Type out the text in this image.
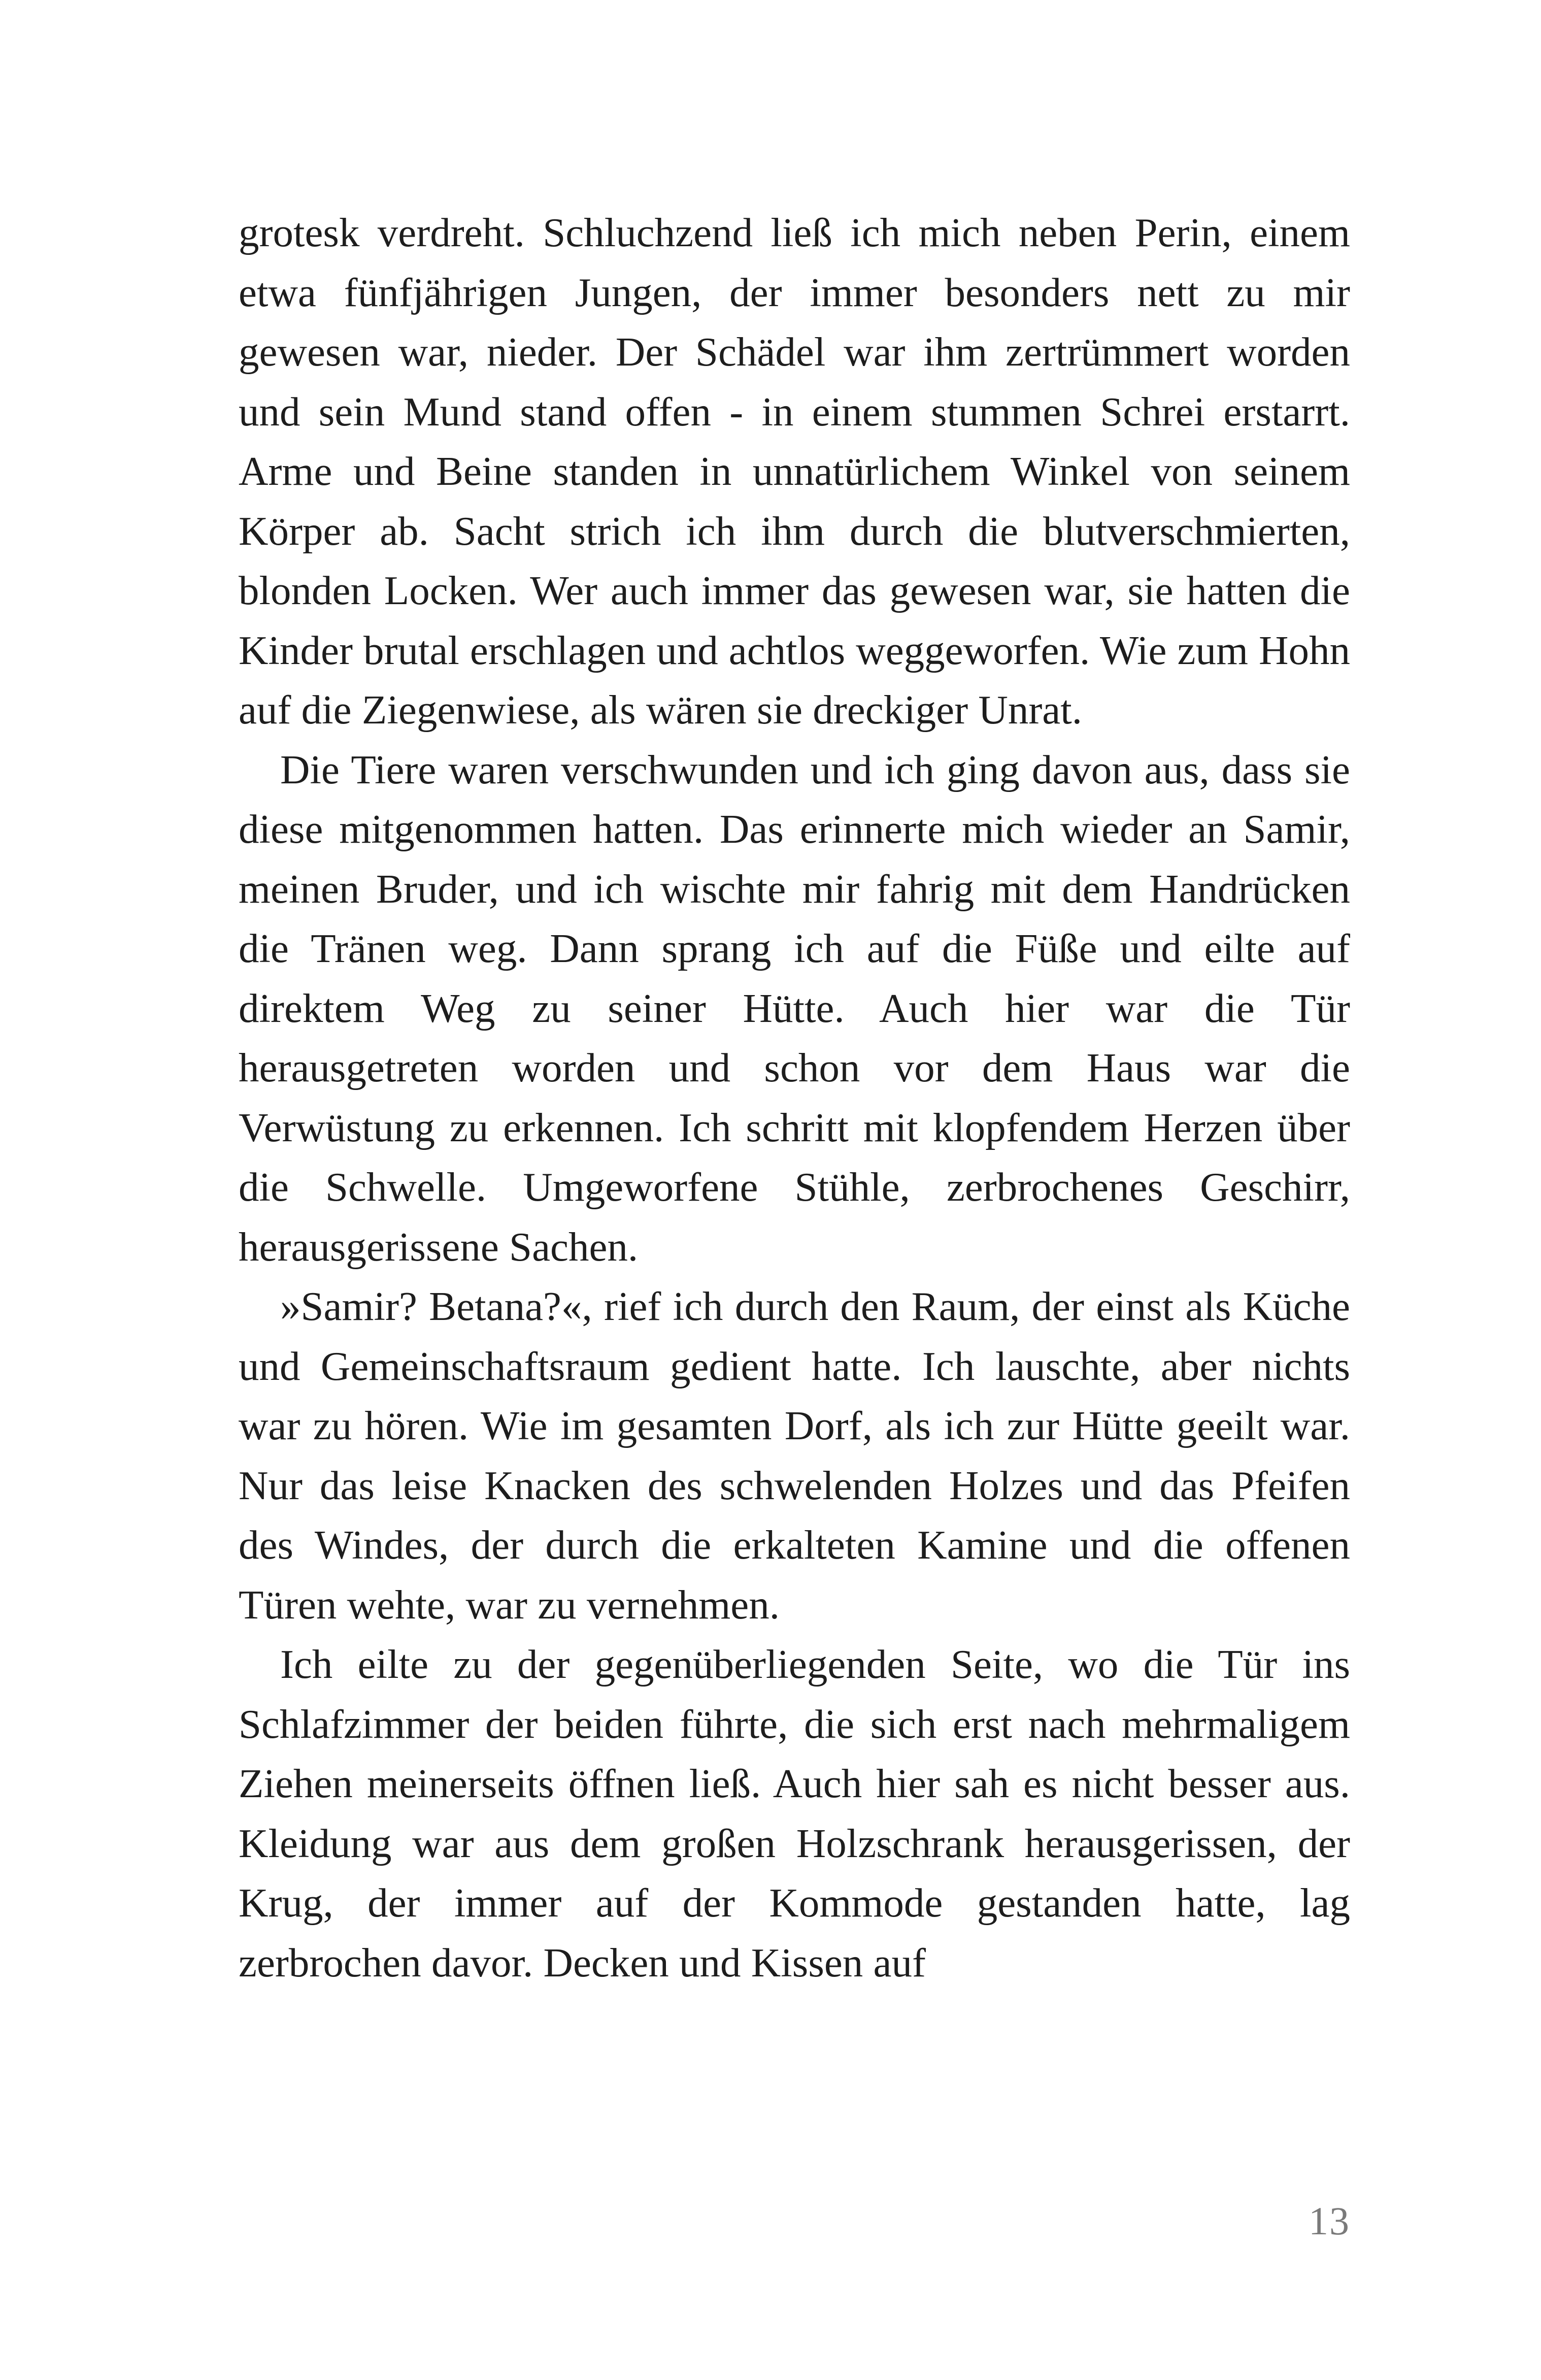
grotesk verdreht. Schluchzend ließ ich mich neben Perin, einem etwa fünfjährigen Jungen, der immer besonders nett zu mir gewesen war, nieder. Der Schädel war ihm zertrümmert worden und sein Mund stand offen - in einem stummen Schrei erstarrt. Arme und Beine standen in unnatürlichem Winkel von seinem Körper ab. Sacht strich ich ihm durch die blutverschmierten, blonden Locken. Wer auch immer das gewesen war, sie hatten die Kinder brutal erschlagen und achtlos weggeworfen. Wie zum Hohn auf die Ziegenwiese, als wären sie dreckiger Unrat.

Die Tiere waren verschwunden und ich ging davon aus, dass sie diese mitgenommen hatten. Das erinnerte mich wieder an Samir, meinen Bruder, und ich wischte mir fahrig mit dem Handrücken die Tränen weg. Dann sprang ich auf die Füße und eilte auf direktem Weg zu seiner Hütte. Auch hier war die Tür herausgetreten worden und schon vor dem Haus war die Verwüstung zu erkennen. Ich schritt mit klopfendem Herzen über die Schwelle. Umgeworfene Stühle, zerbrochenes Geschirr, herausgerissene Sachen.

»Samir? Betana?«, rief ich durch den Raum, der einst als Küche und Gemeinschaftsraum gedient hatte. Ich lauschte, aber nichts war zu hören. Wie im gesamten Dorf, als ich zur Hütte geeilt war. Nur das leise Knacken des schwelenden Holzes und das Pfeifen des Windes, der durch die erkalteten Kamine und die offenen Türen wehte, war zu vernehmen.

Ich eilte zu der gegenüberliegenden Seite, wo die Tür ins Schlafzimmer der beiden führte, die sich erst nach mehrmaligem Ziehen meinerseits öffnen ließ. Auch hier sah es nicht besser aus. Kleidung war aus dem großen Holzschrank herausgerissen, der Krug, der immer auf der Kommode gestanden hatte, lag zerbrochen davor. Decken und Kissen auf

13
